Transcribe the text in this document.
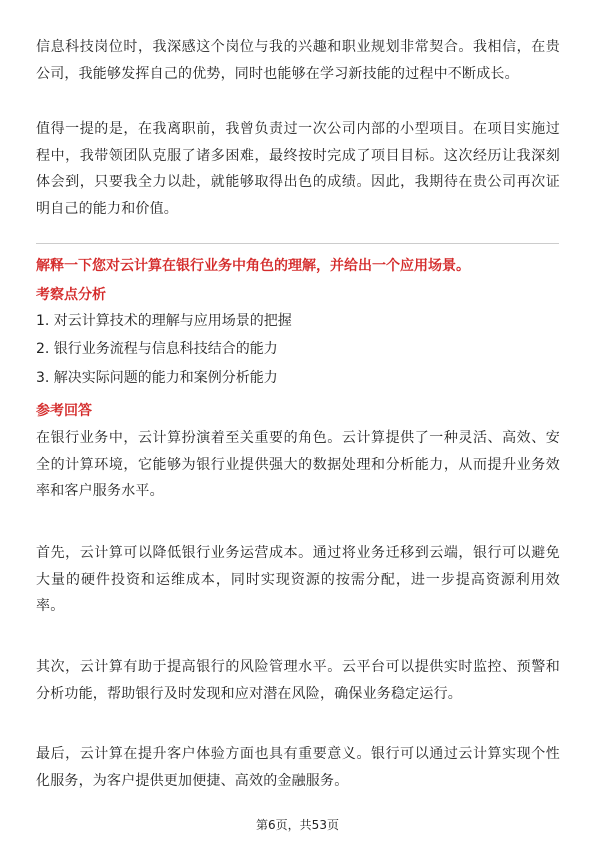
信息科技岗位时，我深感这个岗位与我的兴趣和职业规划非常契合。我相信，在贵公司，我能够发挥自己的优势，同时也能够在学习新技能的过程中不断成长。

值得一提的是，在我离职前，我曾负责过一次公司内部的小型项目。在项目实施过程中，我带领团队克服了诸多困难，最终按时完成了项目目标。这次经历让我深刻体会到，只要我全力以赴，就能够取得出色的成绩。因此，我期待在贵公司再次证明自己的能力和价值。

解释一下您对云计算在银行业务中角色的理解，并给出一个应用场景。

考察点分析

1. 对云计算技术的理解与应用场景的把握

2. 银行业务流程与信息科技结合的能力

3. 解决实际问题的能力和案例分析能力

参考回答

在银行业务中，云计算扮演着至关重要的角色。云计算提供了一种灵活、高效、安全的计算环境，它能够为银行业提供强大的数据处理和分析能力，从而提升业务效率和客户服务水平。

首先，云计算可以降低银行业务运营成本。通过将业务迁移到云端，银行可以避免大量的硬件投资和运维成本，同时实现资源的按需分配，进一步提高资源利用效率。

其次，云计算有助于提高银行的风险管理水平。云平台可以提供实时监控、预警和分析功能，帮助银行及时发现和应对潜在风险，确保业务稳定运行。

最后，云计算在提升客户体验方面也具有重要意义。银行可以通过云计算实现个性化服务，为客户提供更加便捷、高效的金融服务。

第6页，共53页
